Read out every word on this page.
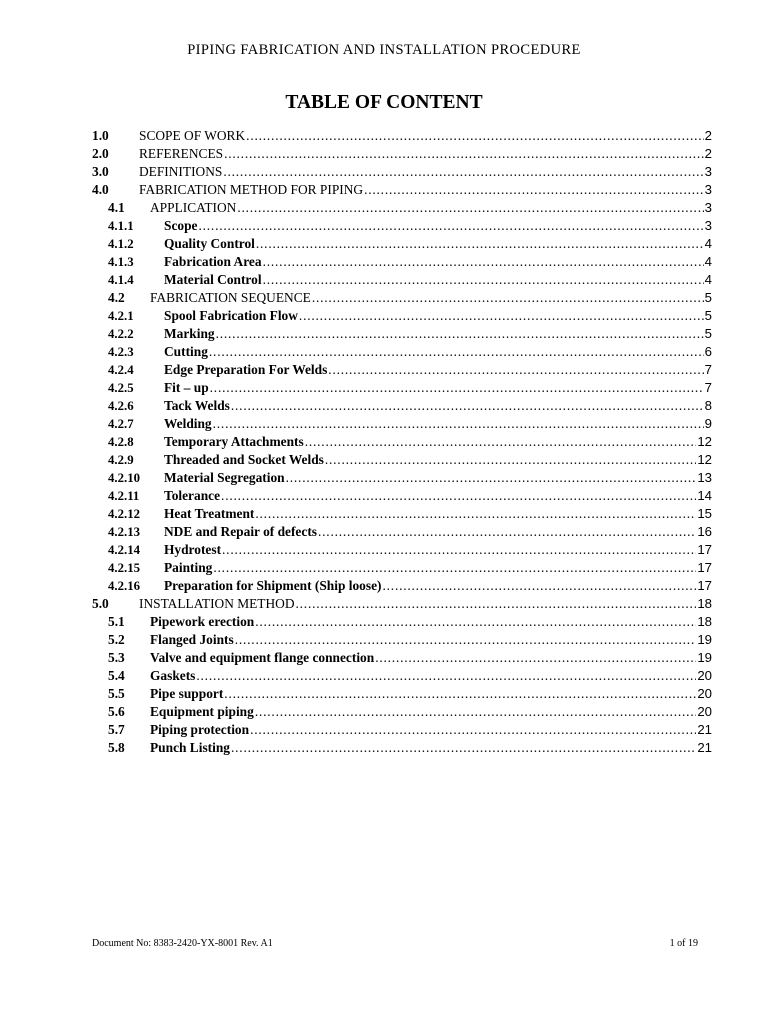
PIPING FABRICATION AND INSTALLATION PROCEDURE
TABLE OF CONTENT
1.0 SCOPE OF WORK .....	2
2.0 REFERENCES .....	2
3.0 DEFINITIONS .....	3
4.0 FABRICATION METHOD FOR PIPING .....	3
4.1 APPLICATION .....	3
4.1.1 Scope .....	3
4.1.2 Quality Control .....	4
4.1.3 Fabrication Area .....	4
4.1.4 Material Control .....	4
4.2 FABRICATION SEQUENCE .....	5
4.2.1 Spool Fabrication Flow .....	5
4.2.2 Marking .....	5
4.2.3 Cutting .....	6
4.2.4 Edge Preparation For Welds .....	7
4.2.5 Fit – up .....	7
4.2.6 Tack Welds .....	8
4.2.7 Welding .....	9
4.2.8 Temporary Attachments .....	12
4.2.9 Threaded and Socket Welds .....	12
4.2.10 Material Segregation .....	13
4.2.11 Tolerance .....	14
4.2.12 Heat Treatment .....	15
4.2.13 NDE and Repair of defects .....	16
4.2.14 Hydrotest .....	17
4.2.15 Painting .....	17
4.2.16 Preparation for Shipment (Ship loose) .....	17
5.0 INSTALLATION METHOD .....	18
5.1 Pipework erection .....	18
5.2 Flanged Joints .....	19
5.3 Valve and equipment flange connection .....	19
5.4 Gaskets .....	20
5.5 Pipe support .....	20
5.6 Equipment piping .....	20
5.7 Piping protection .....	21
5.8 Punch Listing .....	21
Document No: 8383-2420-YX-8001 Rev. A1	1 of 19
